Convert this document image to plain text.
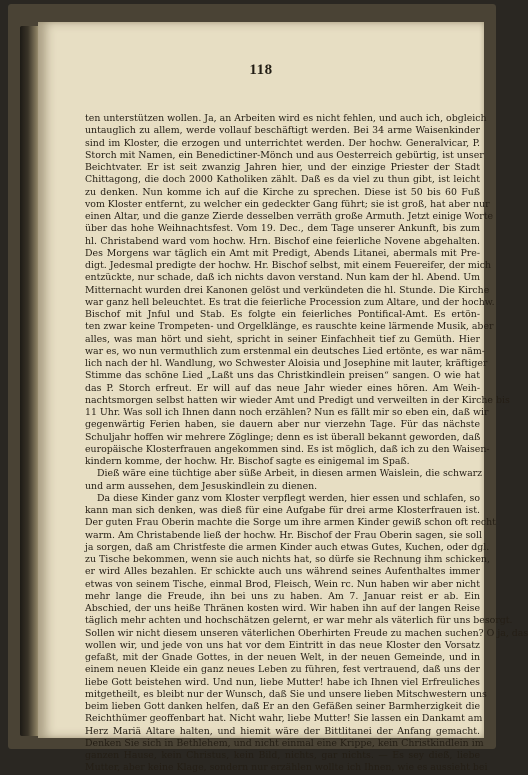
118
ten unterstützen wollen. Ja, an Arbeiten wird es nicht fehlen, und auch ich, obgleich
untauglich zu allem, werde vollauf beschäftigt werden. Bei 34 arme Waisenkinder
sind im Kloster, die erzogen und unterrichtet werden. Der hochw. Generalvicar, P.
Storch mit Namen, ein Benedictiner-Mönch und aus Oesterreich gebürtig, ist unser
Beichtvater. Er ist seit zwanzig Jahren hier, und der einzige Priester der Stadt
Chittagong, die doch 2000 Katholiken zählt. Daß es da viel zu thun gibt, ist leicht
zu denken. Nun komme ich auf die Kirche zu sprechen. Diese ist 50 bis 60 Fuß
vom Kloster entfernt, zu welcher ein gedeckter Gang führt; sie ist groß, hat aber nur
einen Altar, und die ganze Zierde desselben verräth große Armuth. Jetzt einige Worte
über das hohe Weihnachtsfest. Vom 19. Dec., dem Tage unserer Ankunft, bis zum
hl. Christabend ward vom hochw. Hrn. Bischof eine feierliche Novene abgehalten.
Des Morgens war täglich ein Amt mit Predigt, Abends Litanei, abermals mit Pre-
digt. Jedesmal predigte der hochw. Hr. Bischof selbst, mit einem Feuereifer, der mich
entzückte, nur schade, daß ich nichts davon verstand. Nun kam der hl. Abend. Um
Mitternacht wurden drei Kanonen gelöst und verkündeten die hl. Stunde. Die Kirche
war ganz hell beleuchtet. Es trat die feierliche Procession zum Altare, und der hochw.
Bischof mit Jnful und Stab. Es folgte ein feierliches Pontifical-Amt. Es ertön-
ten zwar keine Trompeten- und Orgelklänge, es rauschte keine lärmende Musik, aber
alles, was man hört und sieht, spricht in seiner Einfachheit tief zu Gemüth. Hier
war es, wo nun vermuthlich zum erstenmal ein deutsches Lied ertönte, es war näm-
lich nach der hl. Wandlung, wo Schwester Aloisia und Josephine mit lauter, kräftiger
Stimme das schöne Lied „Laßt uns das Christkindlein preisen“ sangen. O wie hat
das P. Storch erfreut. Er will auf das neue Jahr wieder eines hören. Am Weih-
nachtsmorgen selbst hatten wir wieder Amt und Predigt und verweilten in der Kirche bis
11 Uhr. Was soll ich Ihnen dann noch erzählen? Nun es fällt mir so eben ein, daß wir
gegenwärtig Ferien haben, sie dauern aber nur vierzehn Tage. Für das nächste
Schuljahr hoffen wir mehrere Zöglinge; denn es ist überall bekannt geworden, daß
europäische Klosterfrauen angekommen sind. Es ist möglich, daß ich zu den Waisen-
kindern komme, der hochw. Hr. Bischof sagte es einigemal im Spaß.
Dieß wäre eine tüchtige aber süße Arbeit, in diesen armen Waislein, die schwarz
und arm aussehen, dem Jesuskindlein zu dienen.
Da diese Kinder ganz vom Kloster verpflegt werden, hier essen und schlafen, so
kann man sich denken, was dieß für eine Aufgabe für drei arme Klosterfrauen ist.
Der guten Frau Oberin machte die Sorge um ihre armen Kinder gewiß schon oft recht
warm. Am Christabende ließ der hochw. Hr. Bischof der Frau Oberin sagen, sie soll
ja sorgen, daß am Christfeste die armen Kinder auch etwas Gutes, Kuchen, oder dgl.
zu Tische bekommen, wenn sie auch nichts hat, so dürfe sie Rechnung ihm schicken,
er wird Alles bezahlen. Er schickte auch uns während seines Aufenthaltes immer
etwas von seinem Tische, einmal Brod, Fleisch, Wein rc. Nun haben wir aber nicht
mehr lange die Freude, ihn bei uns zu haben. Am 7. Januar reist er ab. Ein
Abschied, der uns heiße Thränen kosten wird. Wir haben ihn auf der langen Reise
täglich mehr achten und hochschätzen gelernt, er war mehr als väterlich für uns besorgt.
Sollen wir nicht diesem unseren väterlichen Oberhirten Freude zu machen suchen? O ja, das
wollen wir, und jede von uns hat vor dem Eintritt in das neue Kloster den Vorsatz
gefaßt, mit der Gnade Gottes, in der neuen Welt, in der neuen Gemeinde, und in
einem neuen Kleide ein ganz neues Leben zu führen, fest vertrauend, daß uns der
liebe Gott beistehen wird. Und nun, liebe Mutter! habe ich Ihnen viel Erfreuliches
mitgetheilt, es bleibt nur der Wunsch, daß Sie und unsere lieben Mitschwestern uns
beim lieben Gott danken helfen, daß Er an den Gefäßen seiner Barmherzigkeit die
Reichthümer geoffenbart hat. Nicht wahr, liebe Mutter! Sie lassen ein Dankamt am
Herz Mariä Altare halten, und hiemit wäre der Bittlitanei der Anfang gemacht.
Denken Sie sich in Bethlehem, und nicht einmal eine Krippe, kein Christkindlein im
ganzen Hause, kein Christus, kein Bild, nichts, gar nichts. — Es sey dieß, liebe
Mutter, aber keine Klage, sondern nur erzählen wollte ich Ihnen, wie es aussieht bei
